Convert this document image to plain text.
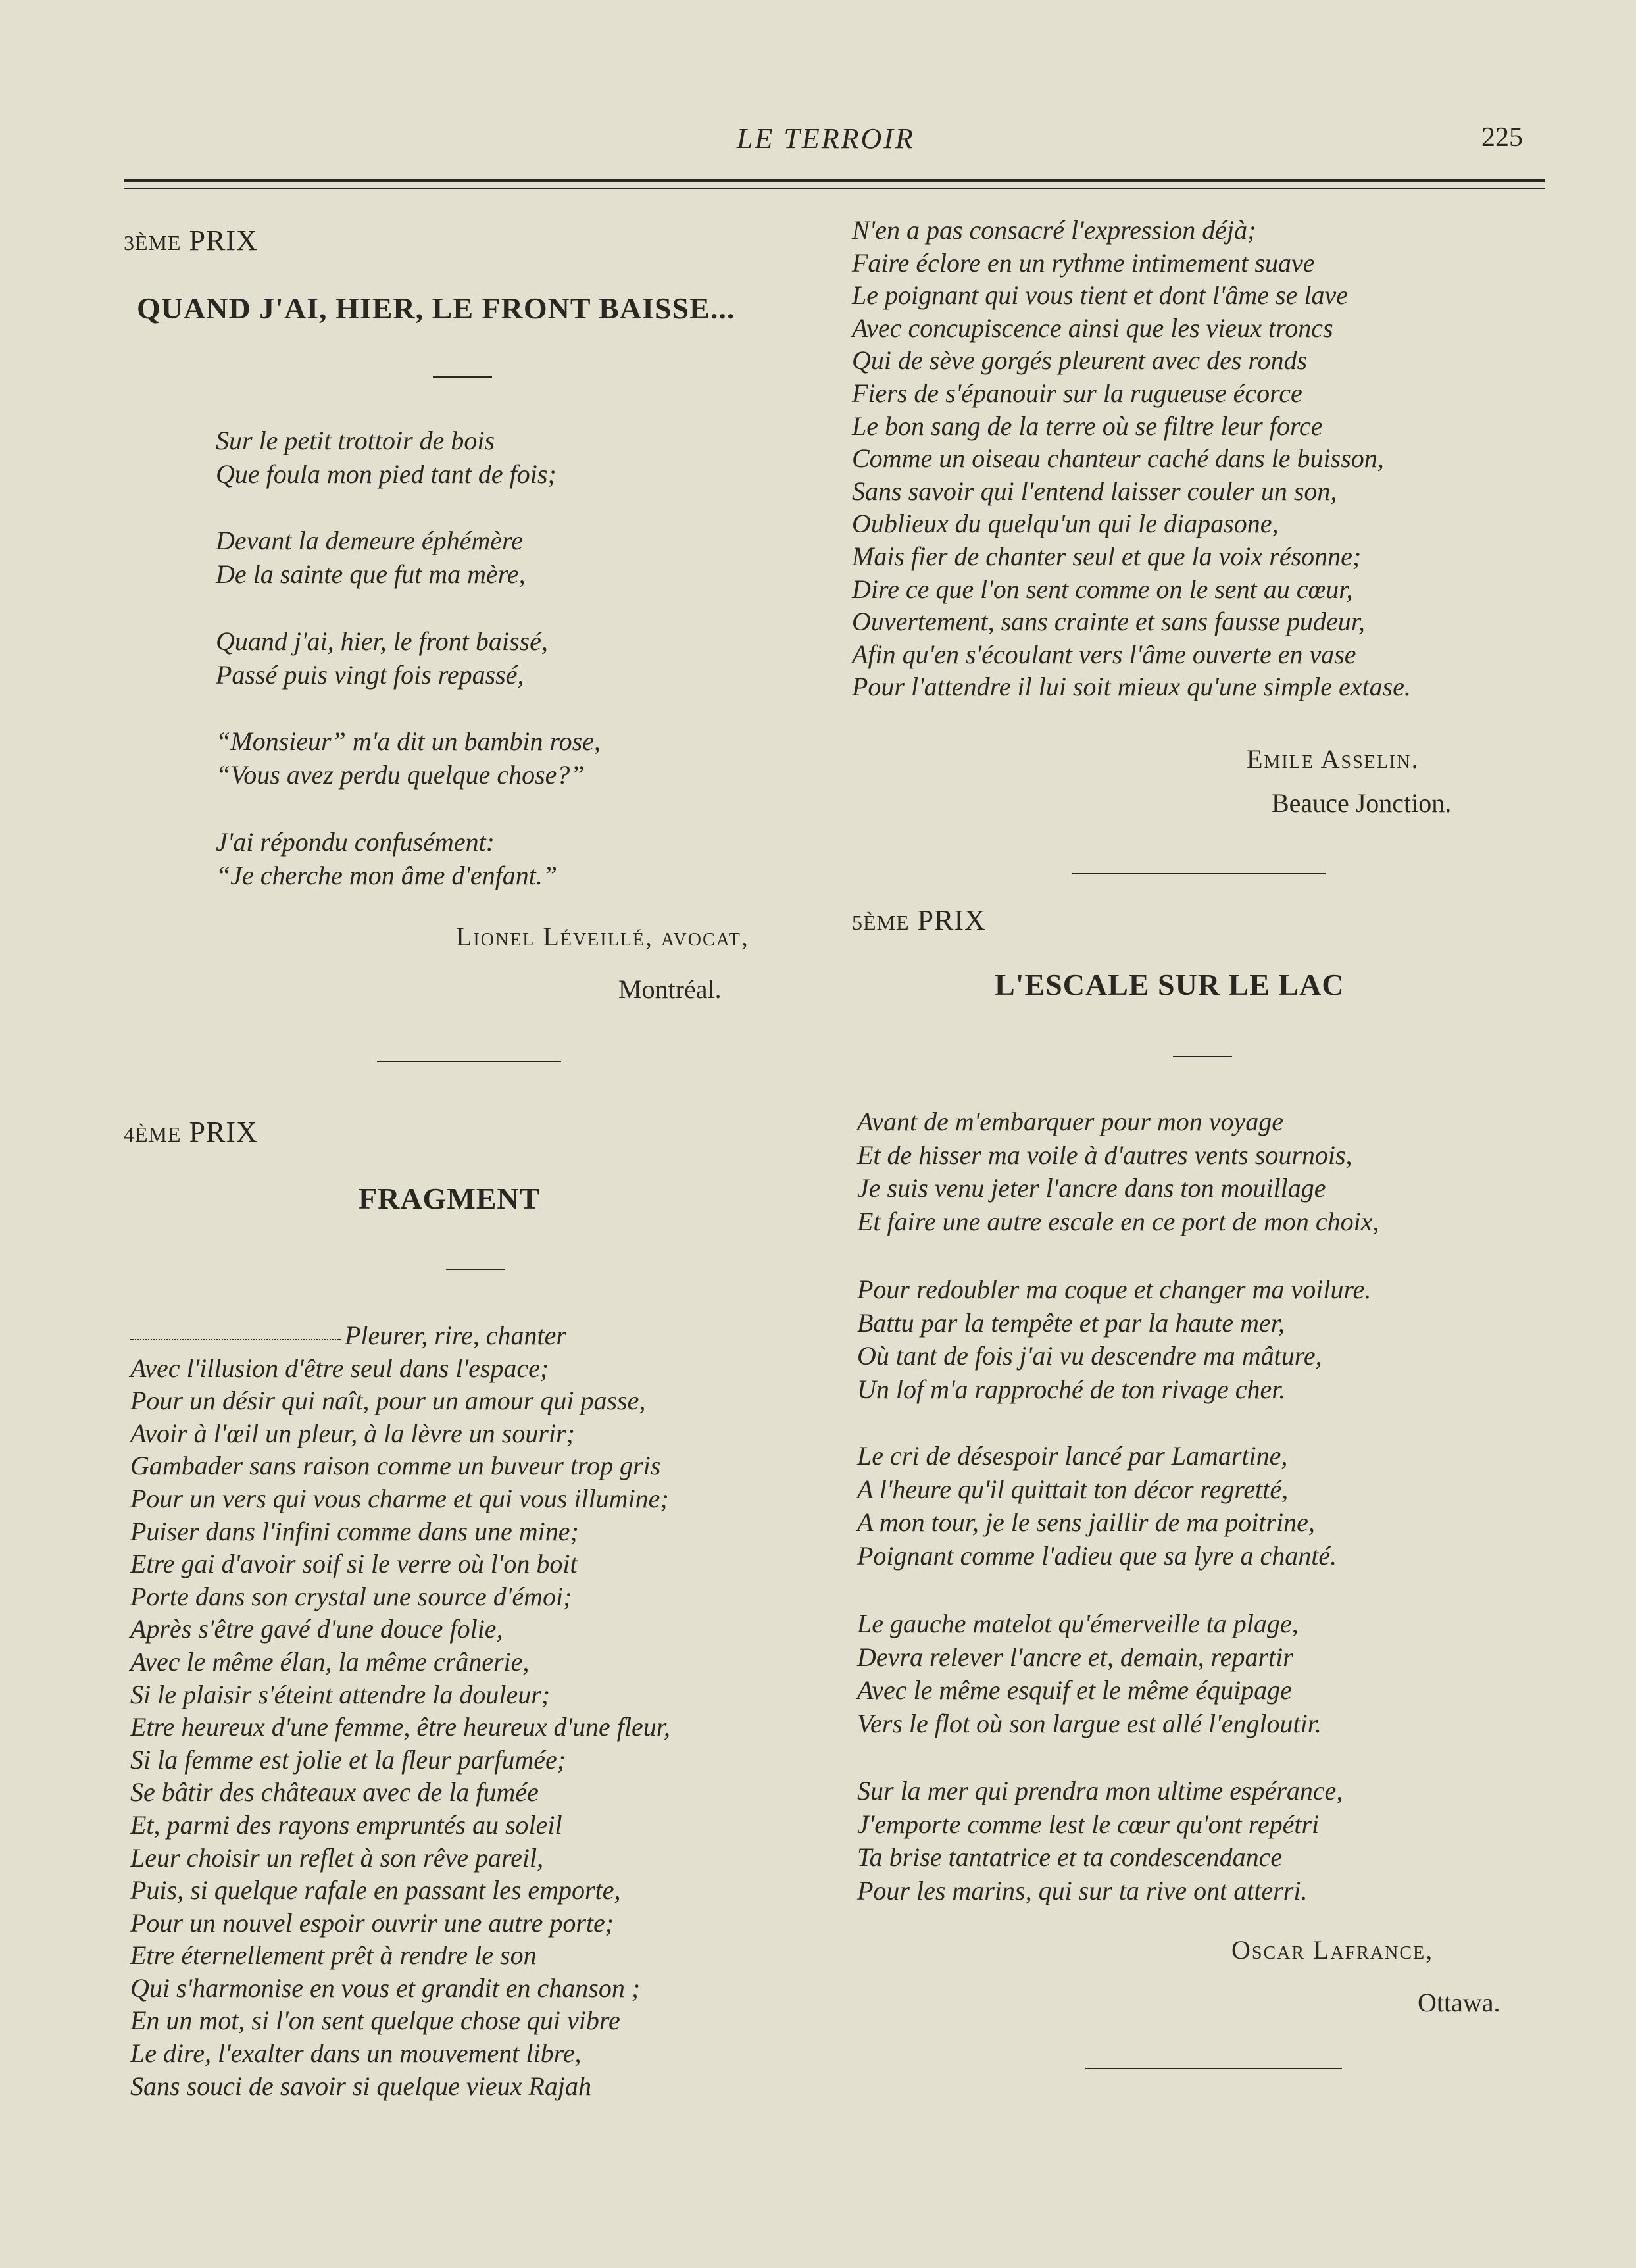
LE TERROIR	225
3ÈME PRIX
QUAND J'AI, HIER, LE FRONT BAISSE...
Sur le petit trottoir de bois
Que foula mon pied tant de fois;
Devant la demeure éphémère
De la sainte que fut ma mère,
Quand j'ai, hier, le front baissé,
Passé puis vingt fois repassé,
“Monsieur” m'a dit un bambin rose,
“Vous avez perdu quelque chose?”
J'ai répondu confusément:
“Je cherche mon âme d'enfant.”
Lionel Léveillé, avocat,
Montréal.
4ÈME PRIX
FRAGMENT
Pleurer, rire, chanter
Avec l'illusion d'être seul dans l'espace;
Pour un désir qui naît, pour un amour qui passe,
Avoir à l'œil un pleur, à la lèvre un sourir;
Gambader sans raison comme un buveur trop gris
Pour un vers qui vous charme et qui vous illumine;
Puiser dans l'infini comme dans une mine;
Etre gai d'avoir soif si le verre où l'on boit
Porte dans son crystal une source d'émoi;
Après s'être gavé d'une douce folie,
Avec le même élan, la même crânerie,
Si le plaisir s'éteint attendre la douleur;
Etre heureux d'une femme, être heureux d'une fleur,
Si la femme est jolie et la fleur parfumée;
Se bâtir des châteaux avec de la fumée
Et, parmi des rayons empruntés au soleil
Leur choisir un reflet à son rêve pareil,
Puis, si quelque rafale en passant les emporte,
Pour un nouvel espoir ouvrir une autre porte;
Etre éternellement prêt à rendre le son
Qui s'harmonise en vous et grandit en chanson ;
En un mot, si l'on sent quelque chose qui vibre
Le dire, l'exalter dans un mouvement libre,
Sans souci de savoir si quelque vieux Rajah
N'en a pas consacré l'expression déjà;
Faire éclore en un rythme intimement suave
Le poignant qui vous tient et dont l'âme se lave
Avec concupiscence ainsi que les vieux troncs
Qui de sève gorgés pleurent avec des ronds
Fiers de s'épanouir sur la rugueuse écorce
Le bon sang de la terre où se filtre leur force
Comme un oiseau chanteur caché dans le buisson,
Sans savoir qui l'entend laisser couler un son,
Oublieux du quelqu'un qui le diapasone,
Mais fier de chanter seul et que la voix résonne;
Dire ce que l'on sent comme on le sent au cœur,
Ouvertement, sans crainte et sans fausse pudeur,
Afin qu'en s'écoulant vers l'âme ouverte en vase
Pour l'attendre il lui soit mieux qu'une simple extase.
Emile Asselin.
Beauce Jonction.
5ÈME PRIX
L'ESCALE SUR LE LAC
Avant de m'embarquer pour mon voyage
Et de hisser ma voile à d'autres vents sournois,
Je suis venu jeter l'ancre dans ton mouillage
Et faire une autre escale en ce port de mon choix,
Pour redoubler ma coque et changer ma voilure.
Battu par la tempête et par la haute mer,
Où tant de fois j'ai vu descendre ma mâture,
Un lof m'a rapproché de ton rivage cher.
Le cri de désespoir lancé par Lamartine,
A l'heure qu'il quittait ton décor regretté,
A mon tour, je le sens jaillir de ma poitrine,
Poignant comme l'adieu que sa lyre a chanté.
Le gauche matelot qu'émerveille ta plage,
Devra relever l'ancre et, demain, repartir
Avec le même esquif et le même équipage
Vers le flot où son largue est allé l'engloutir.
Sur la mer qui prendra mon ultime espérance,
J'emporte comme lest le cœur qu'ont repétri
Ta brise tantatrice et ta condescendance
Pour les marins, qui sur ta rive ont atterri.
Oscar Lafrance,
Ottawa.
